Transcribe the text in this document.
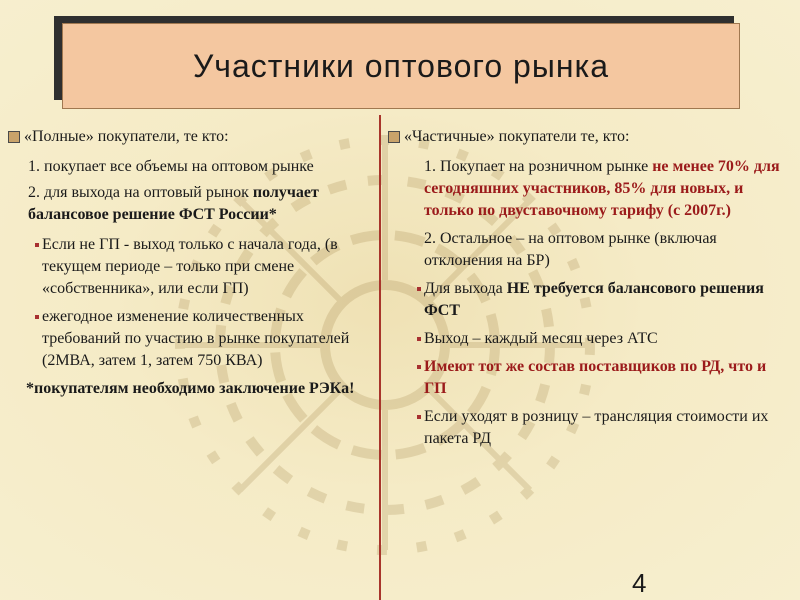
Участники оптового рынка
«Полные» покупатели, те кто:
1. покупает все объемы на оптовом рынке
2. для выхода на оптовый рынок получает балансовое решение ФСТ России*
Если не ГП - выход только с начала года, (в текущем периоде – только при смене «собственника», или если ГП)
ежегодное изменение количественных требований по участию в рынке покупателей (2МВА, затем 1, затем 750 КВА)
*покупателям необходимо заключение РЭКа!
«Частичные» покупатели те, кто:
1. Покупает на розничном рынке не менее 70% для сегодняшних участников, 85% для новых, и только по двуставочному тарифу (с 2007г.)
2. Остальное – на оптовом рынке (включая отклонения на БР)
Для выхода НЕ требуется балансового решения ФСТ
Выход – каждый месяц через АТС
Имеют тот же состав поставщиков по РД, что и ГП
Если уходят в розницу – трансляция стоимости их пакета РД
4
